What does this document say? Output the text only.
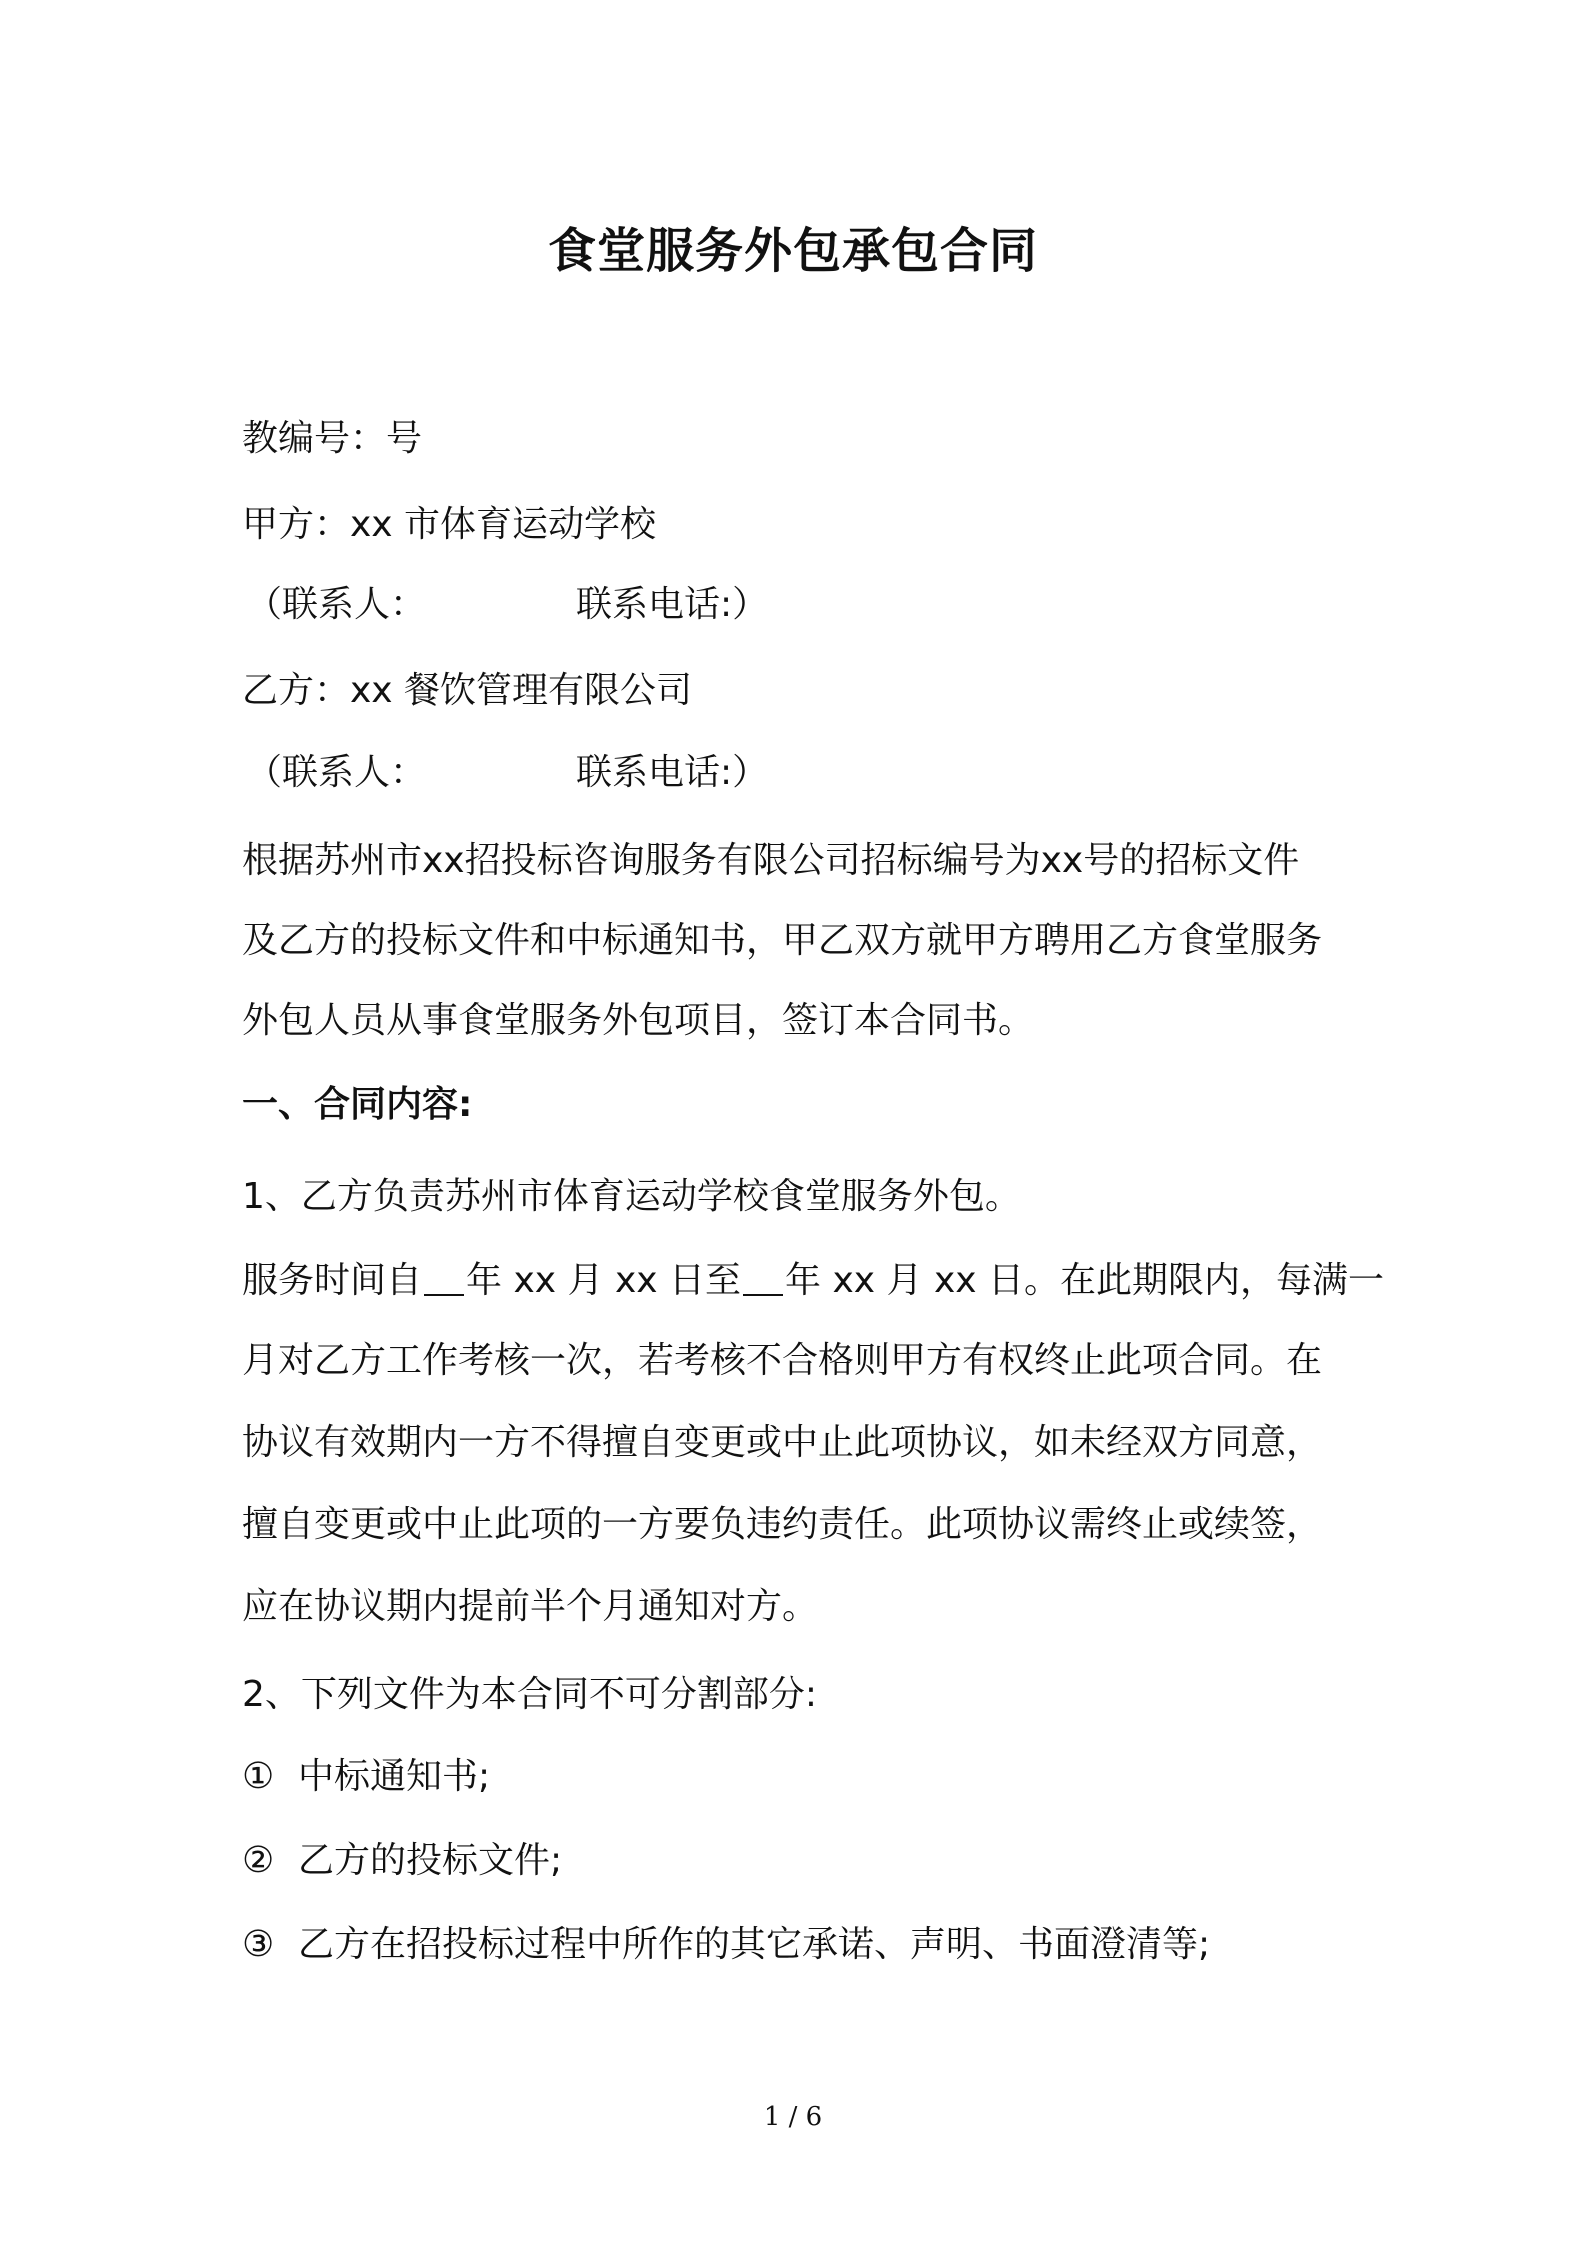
食堂服务外包承包合同
教编号：号
甲方：xx 市体育运动学校
（联系人：	联系电话:）
乙方：xx 餐饮管理有限公司
（联系人：	联系电话:）
根据苏州市xx招投标咨询服务有限公司招标编号为xx号的招标文件
及乙方的投标文件和中标通知书，甲乙双方就甲方聘用乙方食堂服务
外包人员从事食堂服务外包项目，签订本合同书。
一、合同内容:
1、乙方负责苏州市体育运动学校食堂服务外包。
服务时间自 年 xx 月 xx 日至 年 xx 月 xx 日。在此期限内，每满一
月对乙方工作考核一次，若考核不合格则甲方有权终止此项合同。在
协议有效期内一方不得擅自变更或中止此项协议，如未经双方同意，
擅自变更或中止此项的一方要负违约责任。此项协议需终止或续签，
应在协议期内提前半个月通知对方。
2、下列文件为本合同不可分割部分:
① 中标通知书;
② 乙方的投标文件;
③ 乙方在招投标过程中所作的其它承诺、声明、书面澄清等;
1 / 6
